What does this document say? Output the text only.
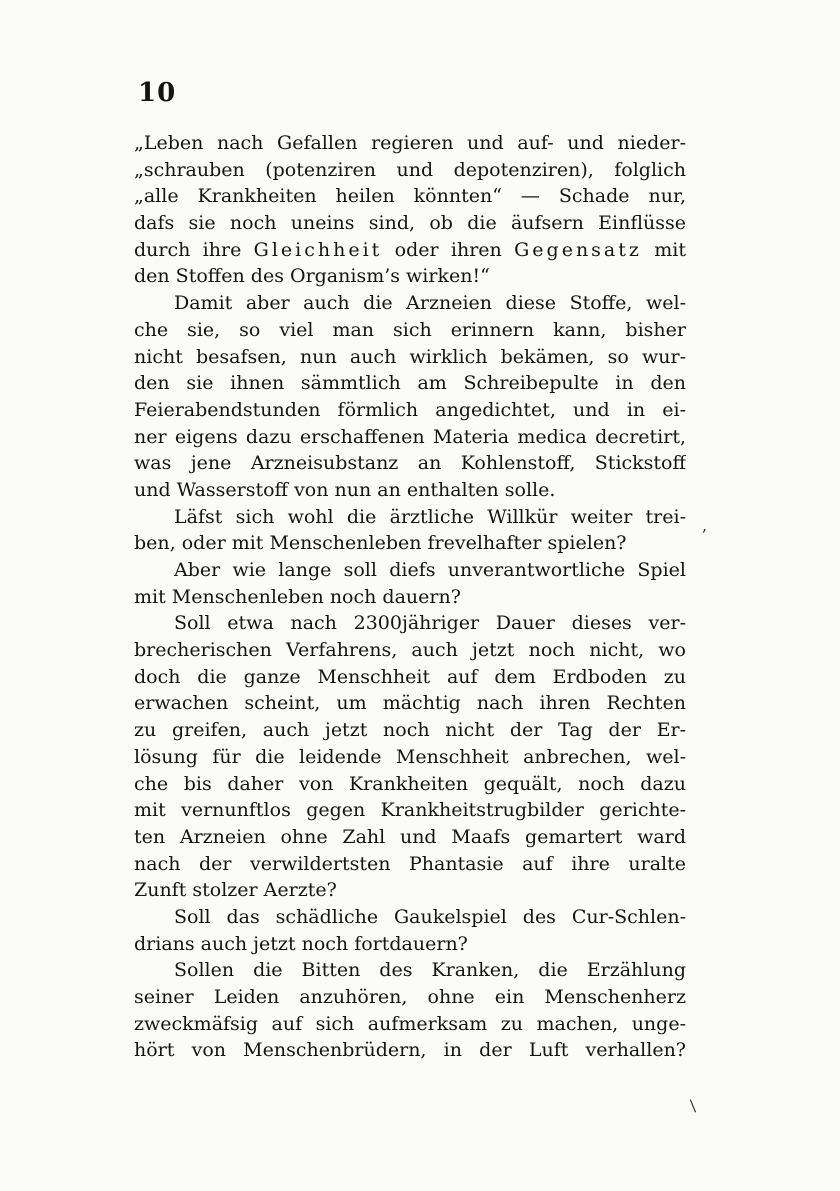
10
„Leben nach Gefallen regieren und auf- und nieder-
„schrauben (potenziren und depotenziren), folglich
„alle Krankheiten heilen könnten“ — Schade nur,
dafs sie noch uneins sind, ob die äufsern Einflüsse
durch ihre Gleichheit oder ihren Gegensatz mit
den Stoffen des Organism’s wirken!“
Damit aber auch die Arzneien diese Stoffe, wel-
che sie, so viel man sich erinnern kann, bisher
nicht besafsen, nun auch wirklich bekämen, so wur-
den sie ihnen sämmtlich am Schreibepulte in den
Feierabendstunden förmlich angedichtet, und in ei-
ner eigens dazu erschaffenen Materia medica decretirt,
was jene Arzneisubstanz an Kohlenstoff, Stickstoff
und Wasserstoff von nun an enthalten solle.
Läfst sich wohl die ärztliche Willkür weiter trei-
ben, oder mit Menschenleben frevelhafter spielen?
Aber wie lange soll diefs unverantwortliche Spiel
mit Menschenleben noch dauern?
Soll etwa nach 2300jähriger Dauer dieses ver-
brecherischen Verfahrens, auch jetzt noch nicht, wo
doch die ganze Menschheit auf dem Erdboden zu
erwachen scheint, um mächtig nach ihren Rechten
zu greifen, auch jetzt noch nicht der Tag der Er-
lösung für die leidende Menschheit anbrechen, wel-
che bis daher von Krankheiten gequält, noch dazu
mit vernunftlos gegen Krankheitstrugbilder gerichte-
ten Arzneien ohne Zahl und Maafs gemartert ward
nach der verwildertsten Phantasie auf ihre uralte
Zunft stolzer Aerzte?
Soll das schädliche Gaukelspiel des Cur-Schlen-
drians auch jetzt noch fortdauern?
Sollen die Bitten des Kranken, die Erzählung
seiner Leiden anzuhören, ohne ein Menschenherz
zweckmäfsig auf sich aufmerksam zu machen, unge-
hört von Menschenbrüdern, in der Luft verhallen?
,
/
